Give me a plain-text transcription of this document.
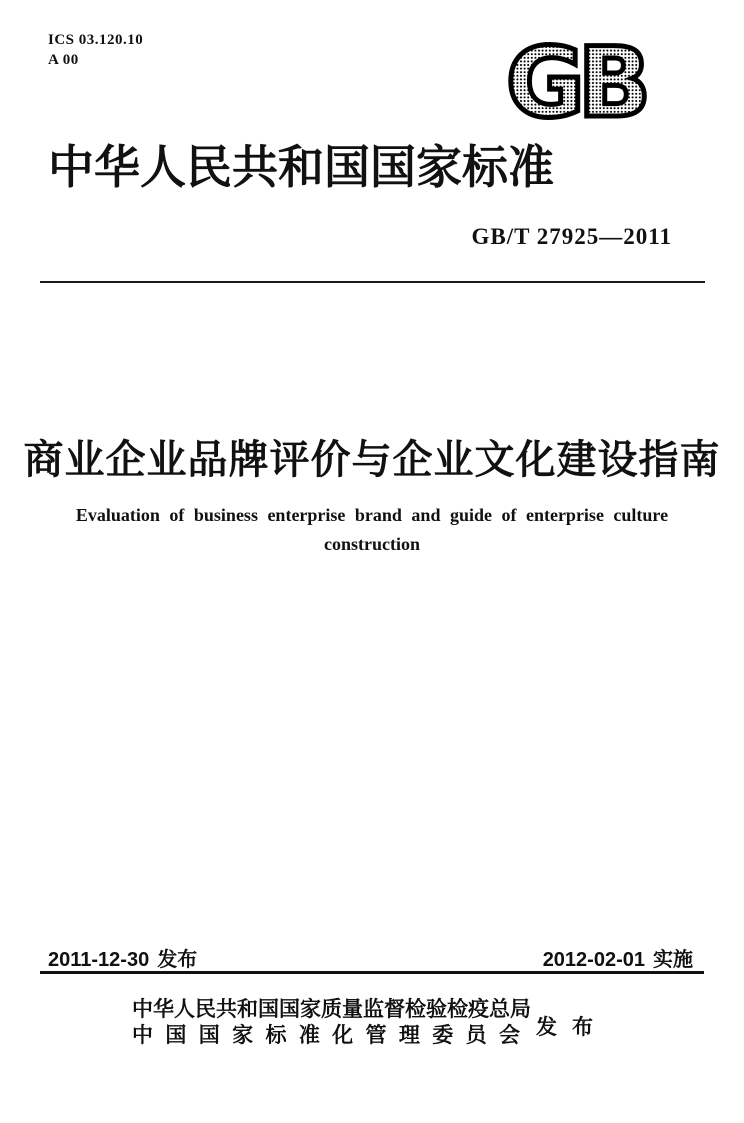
ICS 03.120.10
A 00	GB
中华人民共和国国家标准
GB/T 27925—2011
商业企业品牌评价与企业文化建设指南
Evaluation of business enterprise brand and guide of enterprise culture
construction
2011-12-30 发布	2012-02-01 实施
中华人民共和国国家质量监督检验检疫总局
中国国家标准化管理委员会 发布
